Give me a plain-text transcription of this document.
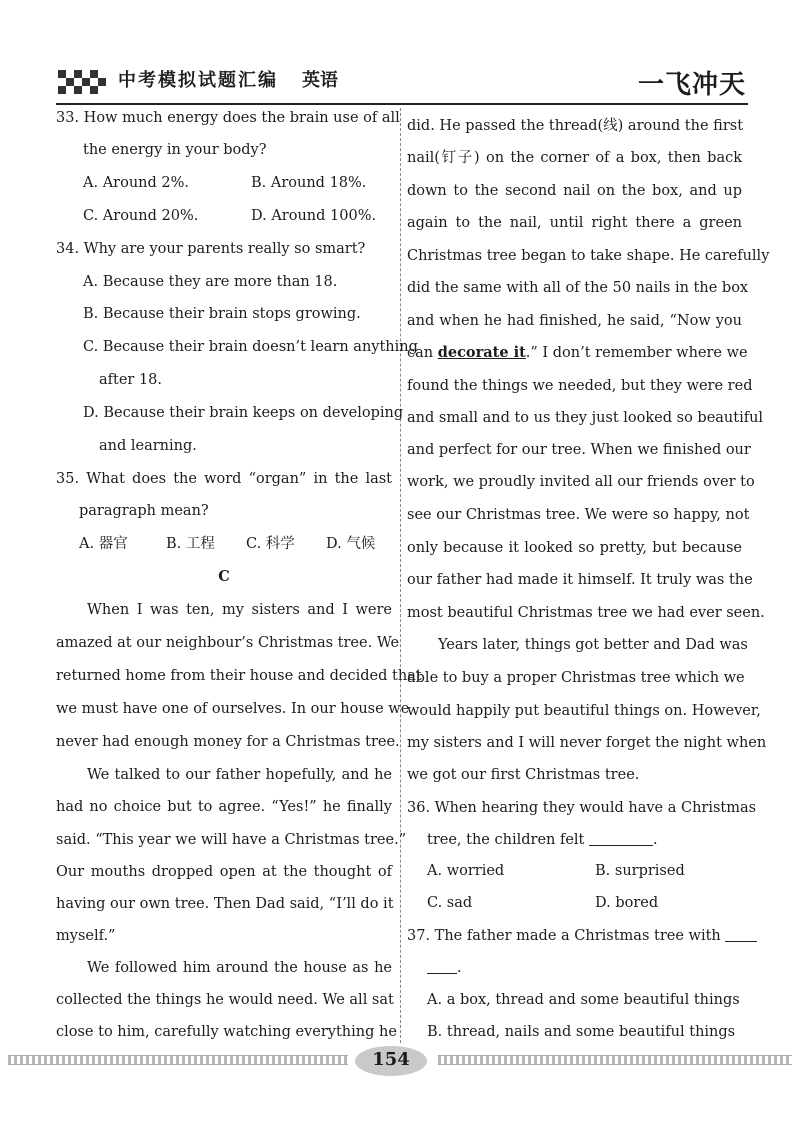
中考模拟试题汇编 英语	一飞冲天
33. How much energy does the brain use of all
the energy in your body?
A. Around 2%.	B. Around 18%.
C. Around 20%.	D. Around 100%.
34. Why are your parents really so smart?
A. Because they are more than 18.
B. Because their brain stops growing.
C. Because their brain doesn’t learn anything
after 18.
D. Because their brain keeps on developing
and learning.
35. What does the word “organ” in the last
paragraph mean?
A. 器官	B. 工程 C. 科学 D. 气候
C
When I was ten, my sisters and I were
amazed at our neighbour’s Christmas tree. We
returned home from their house and decided that
we must have one of ourselves. In our house we
never had enough money for a Christmas tree.
We talked to our father hopefully, and he
had no choice but to agree. “Yes!” he finally
said. “This year we will have a Christmas tree.”
Our mouths dropped open at the thought of
having our own tree. Then Dad said, “I’ll do it
myself.”
We followed him around the house as he
collected the things he would need. We all sat
close to him, carefully watching everything he
did. He passed the thread(线) around the first
nail(钉子) on the corner of a box, then back
down to the second nail on the box, and up
again to the nail, until right there a green
Christmas tree began to take shape. He carefully
did the same with all of the 50 nails in the box
and when he had finished, he said, “Now you
can decorate it.” I don’t remember where we
found the things we needed, but they were red
and small and to us they just looked so beautiful
and perfect for our tree. When we finished our
work, we proudly invited all our friends over to
see our Christmas tree. We were so happy, not
only because it looked so pretty, but because
our father had made it himself. It truly was the
most beautiful Christmas tree we had ever seen.
Years later, things got better and Dad was
able to buy a proper Christmas tree which we
would happily put beautiful things on. However,
my sisters and I will never forget the night when
we got our first Christmas tree.
36. When hearing they would have a Christmas
tree, the children felt	.
A. worried	B. surprised
C. sad	D. bored
37. The father made a Christmas tree with
.
A. a box, thread and some beautiful things
B. thread, nails and some beautiful things
154
